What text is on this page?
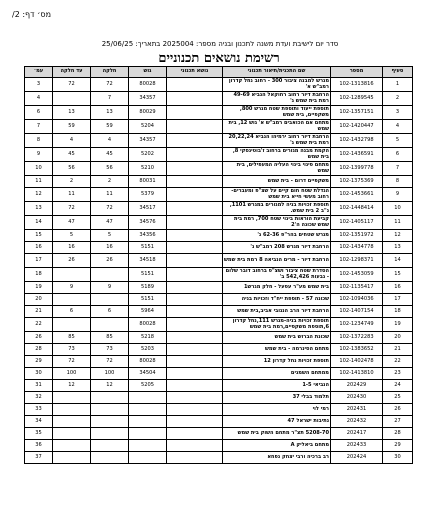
מס׳ דף: 2/
סדר יום לישיבת ועדת משנה לתכנון ובניה מספר: 2025004 בתאריך: 25/06/25
רשימת נושאים תכנוניים
סעיף	מספר	שם התכנית/תיאור תכנוני	נושא תכנוני	גוש	חלקה	עד חלקה	עמ׳
1	102-1313816	מגרש למבנה ציבור 300 - רחוב נחל קדרון רמב"ש א'		80028	72	72	3
2	102-1289545	הרחבת דיור רחוב רחוקאל הנביא 49-69 רמת בית שמש ג'		34357	7		4
3	102-1357151	תוספת ייעוד ותוספת שטח מגרש 800, משקפיים, בית שמש		80029	13	13	6
4	102-1420447	מתחם אם הכואבים רמב"ש א' גוש 12, בית שמש		5204	59	59	7
5	102-1432798	הרחבת דיור רחוב ירמיהו הנביא 20,22,24 רמת בית שמש ג'		34357	4	4	8
6	102-1436591	הקמת מבנה מגורים ברחוב ז'בוטינסקי 8, בית שמש		5202	45	45	9
7	102-1399778	מתחם פינוי בינוי העליה המעפילים, בית שמש		5210	56	56	10
8	102-1375369	משקפיים דרום - בית שמש		80031	2	2	11
9	102-1453661	הגדלת שטח חום קיים על שצ"פ ומעברים- רחוב מעשי חייא בית שמש		5379	11	11	12
10	102-1448414	תוספת זכויות בניה למגורים במגרש 1101, נ"ב 2 בית שמש.		34517	72	72	13
11	102-1405117	קביעת הוראות בינוי שטח 700, רמת בית שמש שכונה ה'2		34576	47	47	14
12	102-1351972	מגרש שטחים בהר"פ 62-36 ג'		34356	5	5	15
13	102-1434778	הרחבת דיור מגרש 208 רמב"ש ג'		5151	16	16	16
14	102-1298371	הרחבת דיור - מרים הנביאה 8 רמת בית שמש		34518	26	26	17
15	102-1453059	הסדרת שטח ציבור ושצ"פ ברחוב דובר שלום - גבעות 542,426 ב'		5151			18
16	102-1135417	בית שמש מע"ר עפעל - חלק מגרש1		5189	9	9	19
17	102-1094036	שכונה 57 - תוספת ייח"ד וזכויות בניה		5151			20
18	102-1407154	הרחבת דיור הרב הנגובי אביב,בית שמש		5964	6	6	21
19	102-1234749	תוספת זכויות בניה-מגרש 111,נחל קדרון 6,תוספת משקפיים,רמת בית שמש		80028			22
20	102-1372283	שכונת הברוש בית שמש		5218	85	85	26
21	102-1383652	מתחם הסינרמה - בית שמש		5203	73	73	28
22	102-1402478	תוספת זכויות נחל קדרון 12		80028	72	72	29
23	102-1413810	ממתחם השמנים		34504	100	100	30
24	202429	הנביאי 1-5		5205	12	12	31
25	202430	תלמוד בבלי 37					32
26	202431	רמי לוי					33
27	202432	נתיבות ישראל 47					34
28	202417	5208-70 תצ"ר מתחם השוק בית שמש					35
29	202433	מתחם ביאליק A					36
30	202424	רב ברכיה ורבי יצחק נפחא					37
